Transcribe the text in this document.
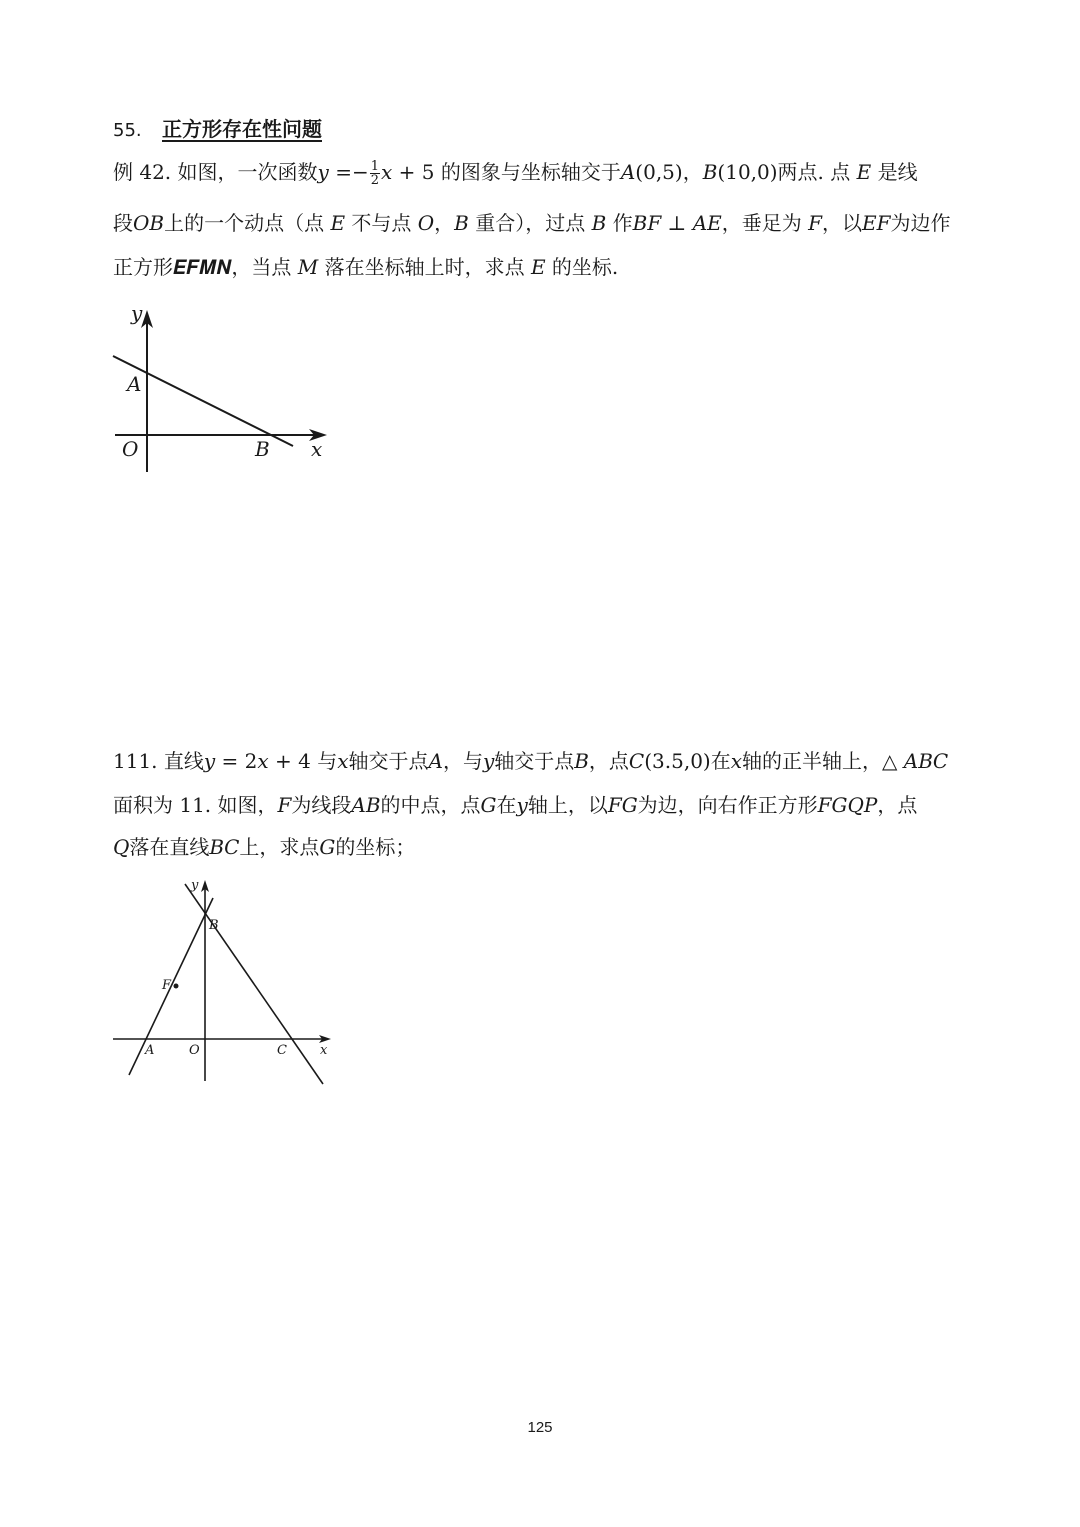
55. 正方形存在性问题
例 42. 如图，一次函数$y =- \frac{1}{2}$ x + 5 的图象与坐标轴交于A(0,5)，B(10,0)两点. 点 E 是线
段𝑂𝐵上的一个动点（点 𝐸 不与点 𝑂，𝐵 重合），过点 𝐵 作𝐵𝐹 ⊥ 𝐴𝐸，垂足为 𝐹，以𝐸𝐹为边作
正方形𝑬𝑭𝑴𝑵，当点 𝑀 落在坐标轴上时，求点 𝐸 的坐标.
y
x
A
O	B
111. 直线𝑦 = 2𝑥 + 4 与𝑥轴交于点𝐴，与𝑦轴交于点𝐵，点𝐶(3.5,0)在𝑥轴的正半轴上，△ 𝐴𝐵𝐶
面积为 11. 如图，𝐹为线段𝐴𝐵的中点，点𝐺在𝑦轴上，以𝐹𝐺为边，向右作正方形𝐹𝐺𝑄𝑃，点
𝑄落在直线𝐵𝐶上，求点𝐺的坐标；
y
x
B
F
A	O	C
125
